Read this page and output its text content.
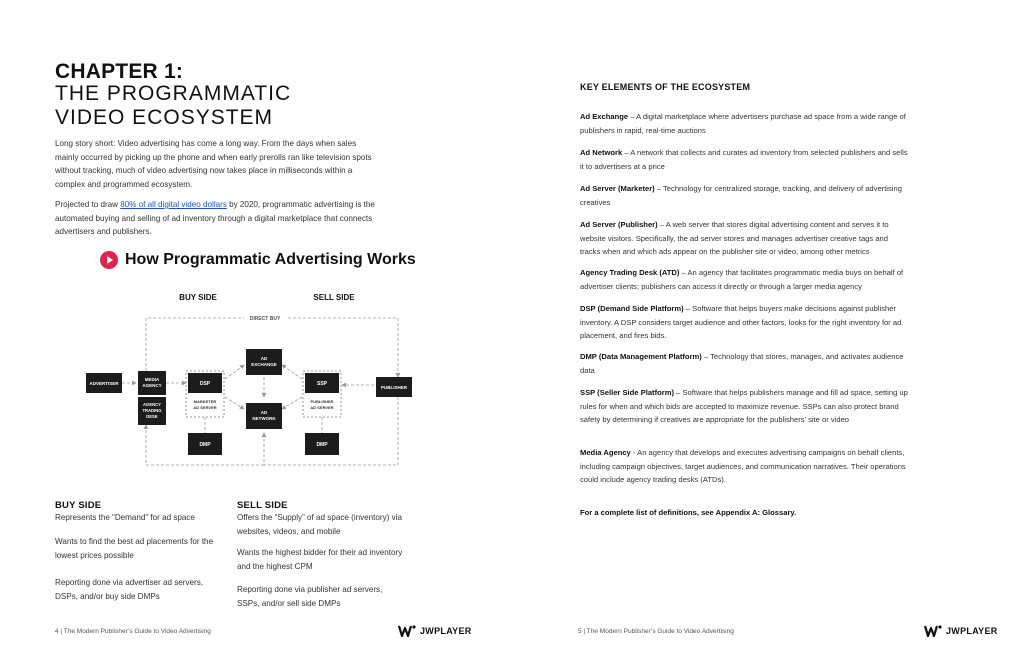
CHAPTER 1:
THE PROGRAMMATIC
VIDEO ECOSYSTEM

Long story short: Video advertising has come a long way. From the days when sales mainly occurred by picking up the phone and when early prerolls ran like television spots without tracking, much of video advertising now takes place in milliseconds within a complex and programmed ecosystem.

Projected to draw 80% of all digital video dollars by 2020, programmatic advertising is the automated buying and selling of ad inventory through a digital marketplace that connects advertisers and publishers.

How Programmatic Advertising Works
BUY SIDE	SELL SIDE
DIRECT BUY
ADVERTISER
MEDIA
AGENCY
AGENCY
TRADING
DESK
DSP
MARKETER
AD SERVER
DMP
AD
EXCHANGE
AD
NETWORK
SSP
PUBLISHER
AD SERVER
DMP
PUBLISHER
BUY SIDE
Represents the “Demand” for ad space
Wants to find the best ad placements for the lowest prices possible
Reporting done via advertiser ad servers, DSPs, and/or buy side DMPs
SELL SIDE
Offers the “Supply” of ad space (inventory) via websites, videos, and mobile
Wants the highest bidder for their ad inventory and the highest CPM
Reporting done via publisher ad servers, SSPs, and/or sell side DMPs
4 | The Modern Publisher’s Guide to Video Advertising	JWPLAYER
KEY ELEMENTS OF THE ECOSYSTEM

Ad Exchange – A digital marketplace where advertisers purchase ad space from a wide range of publishers in rapid, real-time auctions

Ad Network – A network that collects and curates ad inventory from selected publishers and sells it to advertisers at a price

Ad Server (Marketer) – Technology for centralized storage, tracking, and delivery of advertising creatives

Ad Server (Publisher) – A web server that stores digital advertising content and serves it to website visitors. Specifically, the ad server stores and manages advertiser creative tags and tracks when and which ads appear on the publisher site or video, among other metrics

Agency Trading Desk (ATD) – An agency that facilitates programmatic media buys on behalf of advertiser clients; publishers can access it directly or through a larger media agency

DSP (Demand Side Platform) – Software that helps buyers make decisions against publisher inventory. A DSP considers target audience and other factors, looks for the right inventory for ad placement, and fires bids.

DMP (Data Management Platform) – Technology that stores, manages, and activates audience data

SSP (Seller Side Platform) – Software that helps publishers manage and fill ad space, setting up rules for when and which bids are accepted to maximize revenue. SSPs can also protect brand safety by determining if creatives are appropriate for the publishers’ site or video

Media Agency - An agency that develops and executes advertising campaigns on behalf clients, including campaign objectives, target audiences, and communication narratives. Their operations could include agency trading desks (ATDs).

For a complete list of definitions, see Appendix A: Glossary.
5 | The Modern Publisher’s Guide to Video Advertising	JWPLAYER
